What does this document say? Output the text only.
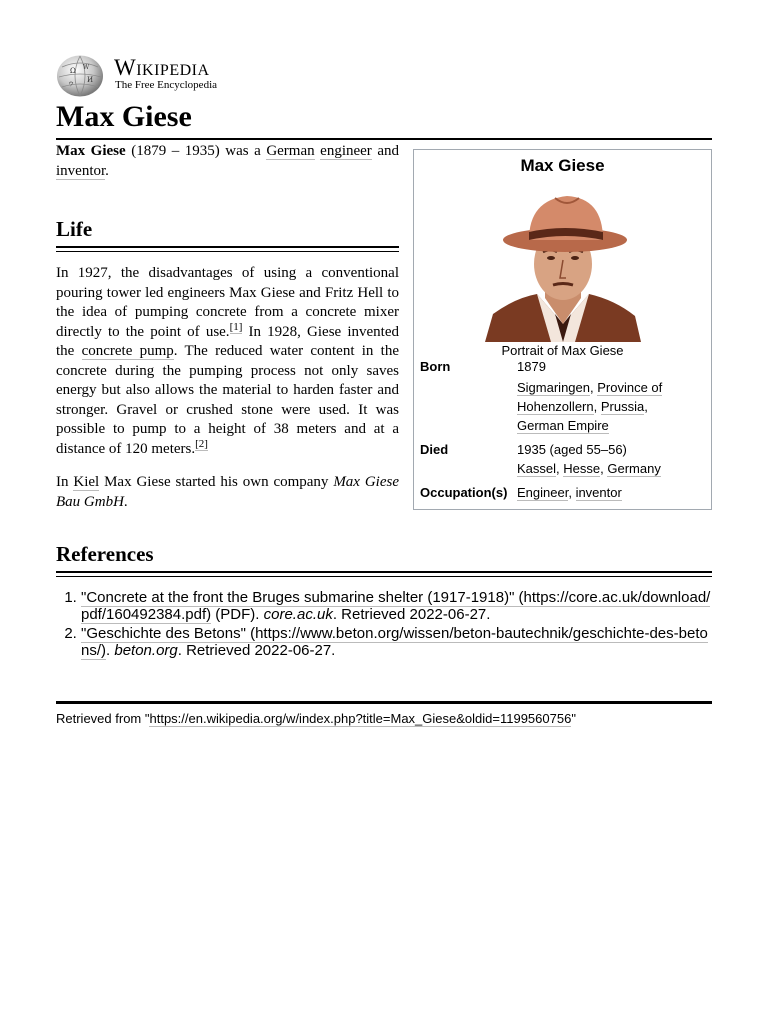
Ω W
И
ウ
Wikipedia
The Free Encyclopedia
Max Giese
Max Giese (1879 – 1935) was a German engineer and inventor.
Life

In 1927, the disadvantages of using a conventional pouring tower led engineers Max Giese and Fritz Hell to the idea of pumping concrete from a concrete mixer directly to the point of use.[1] In 1928, Giese invented the concrete pump. The reduced water content in the concrete during the pumping process not only saves energy but also allows the material to harden faster and stronger. Gravel or crushed stone were used. It was possible to pump to a height of 38 meters and at a distance of 120 meters.[2]

In Kiel Max Giese started his own company Max Giese Bau GmbH.

Max Giese
Portrait of Max Giese
Born	1879
Sigmaringen, Province of Hohenzollern, Prussia,
German Empire
Died	1935 (aged 55–56)
Kassel, Hesse, Germany
Occupation(s) Engineer, inventor
References
1. "Concrete at the front the Bruges submarine shelter (1917-1918)" (https://core.ac.uk/download/pdf/160492384.pdf) (PDF). core.ac.uk. Retrieved 2022-06-27.
2. "Geschichte des Betons" (https://www.beton.org/wissen/beton-bautechnik/geschichte-des-betons/). beton.org. Retrieved 2022-06-27.
Retrieved from "https://en.wikipedia.org/w/index.php?title=Max_Giese&oldid=1199560756"
